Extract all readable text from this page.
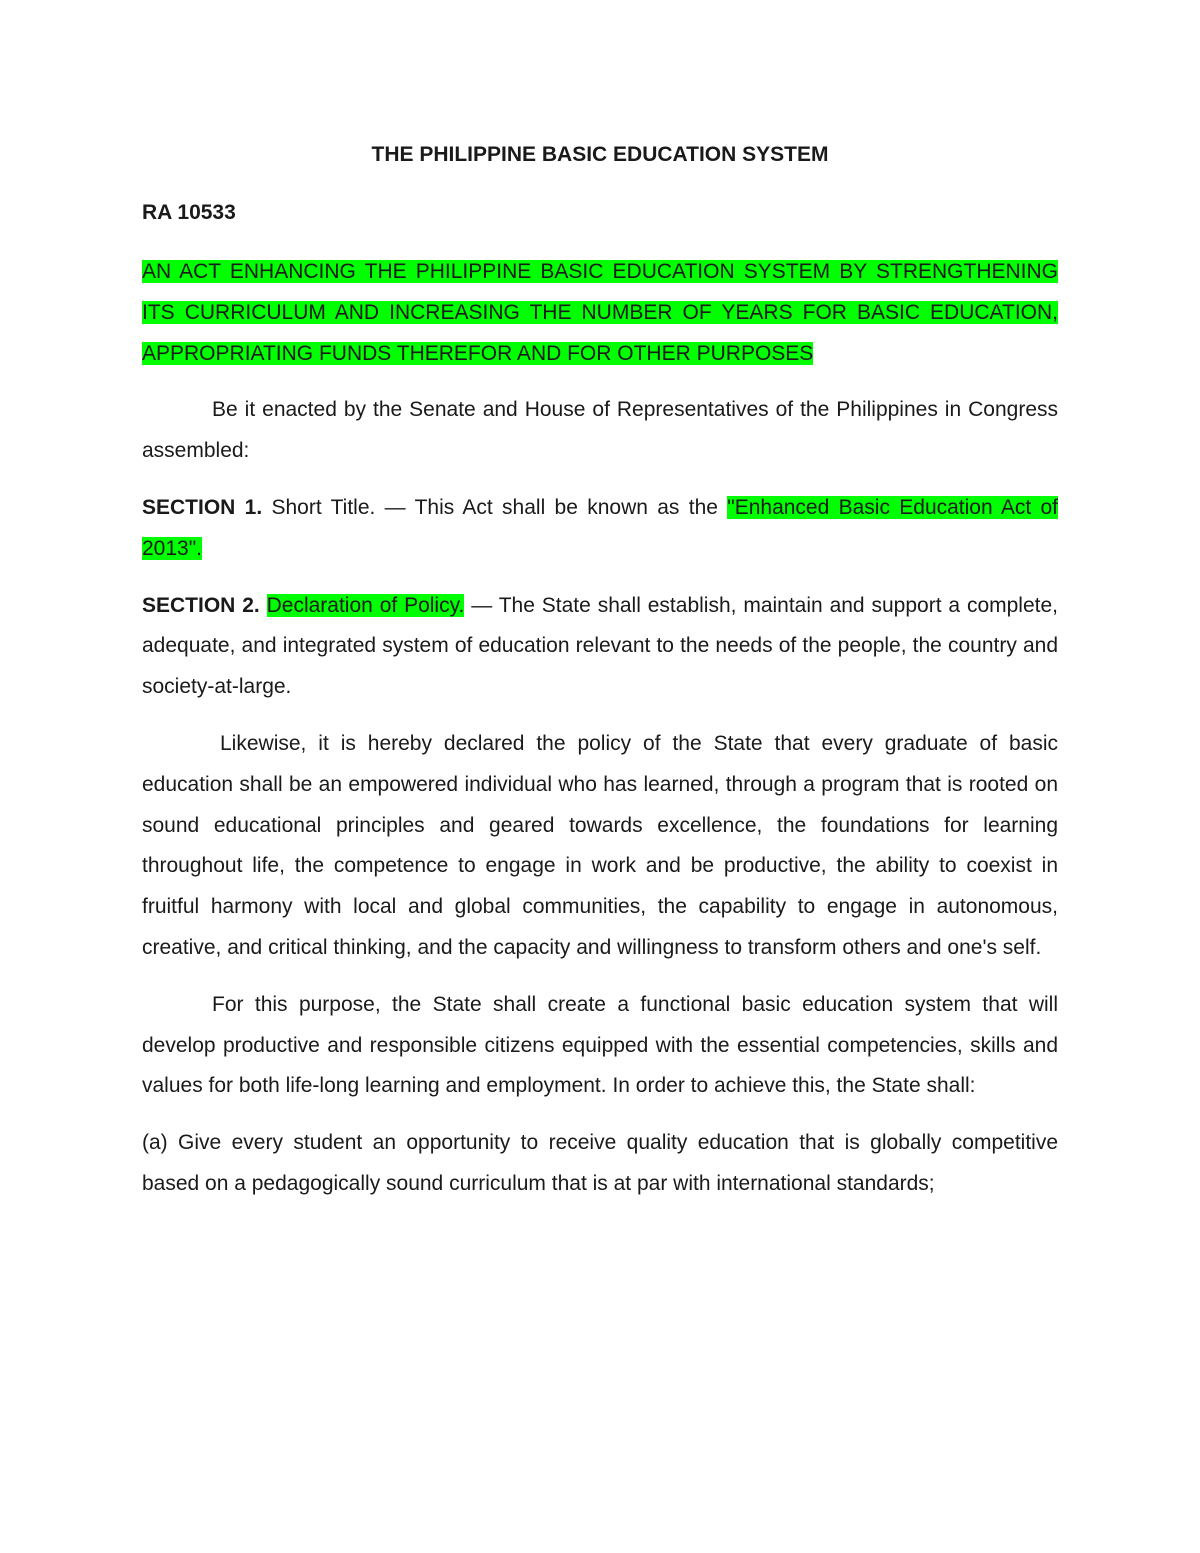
THE PHILIPPINE BASIC EDUCATION SYSTEM
RA 10533

AN ACT ENHANCING THE PHILIPPINE BASIC EDUCATION SYSTEM BY STRENGTHENING ITS CURRICULUM AND INCREASING THE NUMBER OF YEARS FOR BASIC EDUCATION, APPROPRIATING FUNDS THEREFOR AND FOR OTHER PURPOSES

Be it enacted by the Senate and House of Representatives of the Philippines in Congress assembled:

SECTION 1. Short Title. — This Act shall be known as the "Enhanced Basic Education Act of 2013".

SECTION 2. Declaration of Policy. — The State shall establish, maintain and support a complete, adequate, and integrated system of education relevant to the needs of the people, the country and society-at-large.

Likewise, it is hereby declared the policy of the State that every graduate of basic education shall be an empowered individual who has learned, through a program that is rooted on sound educational principles and geared towards excellence, the foundations for learning throughout life, the competence to engage in work and be productive, the ability to coexist in fruitful harmony with local and global communities, the capability to engage in autonomous, creative, and critical thinking, and the capacity and willingness to transform others and one's self.

For this purpose, the State shall create a functional basic education system that will develop productive and responsible citizens equipped with the essential competencies, skills and values for both life-long learning and employment. In order to achieve this, the State shall:

(a) Give every student an opportunity to receive quality education that is globally competitive based on a pedagogically sound curriculum that is at par with international standards;
